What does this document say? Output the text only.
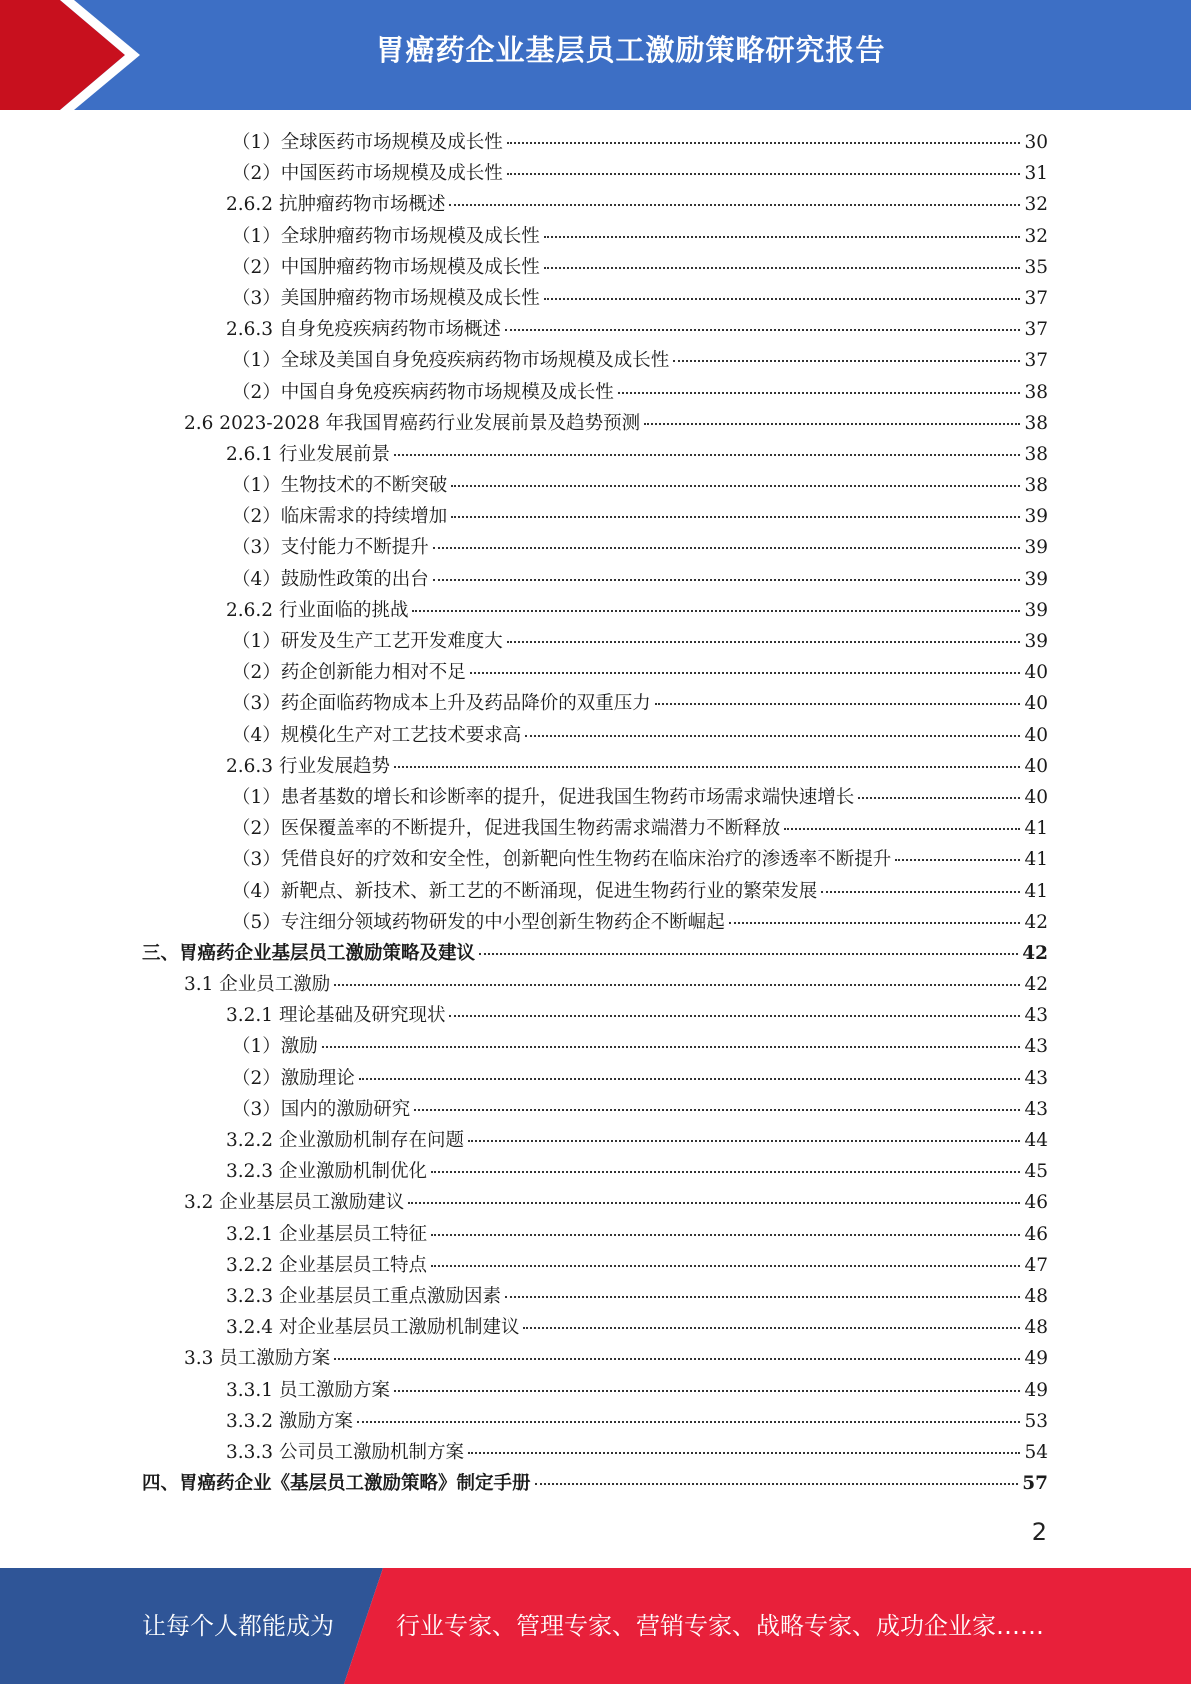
胃癌药企业基层员工激励策略研究报告
（1）全球医药市场规模及成长性	30
（2）中国医药市场规模及成长性	31
2.6.2 抗肿瘤药物市场概述	32
（1）全球肿瘤药物市场规模及成长性	32
（2）中国肿瘤药物市场规模及成长性	35
（3）美国肿瘤药物市场规模及成长性	37
2.6.3 自身免疫疾病药物市场概述	37
（1）全球及美国自身免疫疾病药物市场规模及成长性	37
（2）中国自身免疫疾病药物市场规模及成长性	38
2.6 2023-2028 年我国胃癌药行业发展前景及趋势预测	38
2.6.1 行业发展前景	38
（1）生物技术的不断突破	38
（2）临床需求的持续增加	39
（3）支付能力不断提升	39
（4）鼓励性政策的出台	39
2.6.2 行业面临的挑战	39
（1）研发及生产工艺开发难度大	39
（2）药企创新能力相对不足	40
（3）药企面临药物成本上升及药品降价的双重压力	40
（4）规模化生产对工艺技术要求高	40
2.6.3 行业发展趋势	40
（1）患者基数的增长和诊断率的提升，促进我国生物药市场需求端快速增长	40
（2）医保覆盖率的不断提升，促进我国生物药需求端潜力不断释放	41
（3）凭借良好的疗效和安全性，创新靶向性生物药在临床治疗的渗透率不断提升	41
（4）新靶点、新技术、新工艺的不断涌现，促进生物药行业的繁荣发展	41
（5）专注细分领域药物研发的中小型创新生物药企不断崛起	42
三、胃癌药企业基层员工激励策略及建议	42
3.1 企业员工激励	42
3.2.1 理论基础及研究现状	43
（1）激励	43
（2）激励理论	43
（3）国内的激励研究	43
3.2.2 企业激励机制存在问题	44
3.2.3 企业激励机制优化	45
3.2 企业基层员工激励建议	46
3.2.1 企业基层员工特征	46
3.2.2 企业基层员工特点	47
3.2.3 企业基层员工重点激励因素	48
3.2.4 对企业基层员工激励机制建议	48
3.3 员工激励方案	49
3.3.1 员工激励方案	49
3.3.2 激励方案	53
3.3.3 公司员工激励机制方案	54
四、胃癌药企业《基层员工激励策略》制定手册	57
2
让每个人都能成为	行业专家、管理专家、营销专家、战略专家、成功企业家……
